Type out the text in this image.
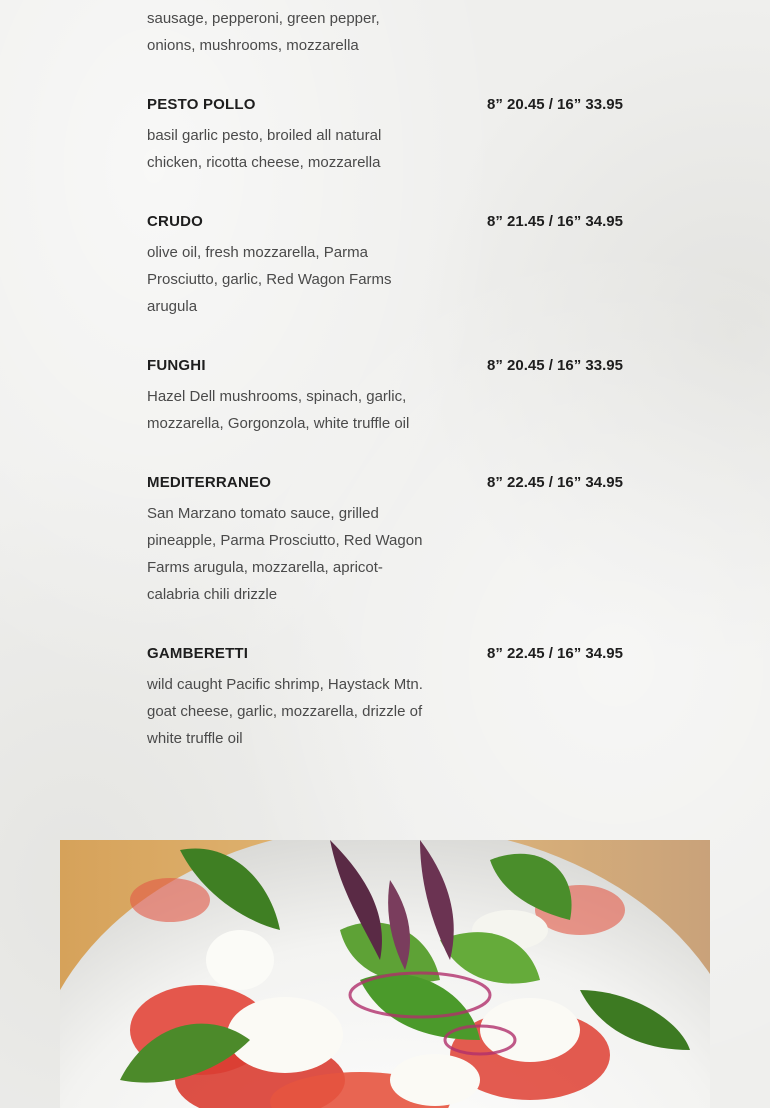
sausage, pepperoni, green pepper, onions, mushrooms, mozzarella

PESTO POLLO	8” 20.45 / 16” 33.95

basil garlic pesto, broiled all natural chicken, ricotta cheese, mozzarella

CRUDO	8” 21.45 / 16” 34.95

olive oil, fresh mozzarella, Parma Prosciutto, garlic, Red Wagon Farms arugula

FUNGHI	8” 20.45 / 16” 33.95

Hazel Dell mushrooms, spinach, garlic, mozzarella, Gorgonzola, white truffle oil

MEDITERRANEO	8” 22.45 / 16” 34.95

San Marzano tomato sauce, grilled pineapple, Parma Prosciutto, Red Wagon Farms arugula, mozzarella, apricot-calabria chili drizzle

GAMBERETTI	8” 22.45 / 16” 34.95

wild caught Pacific shrimp, Haystack Mtn. goat cheese, garlic, mozzarella, drizzle of white truffle oil
